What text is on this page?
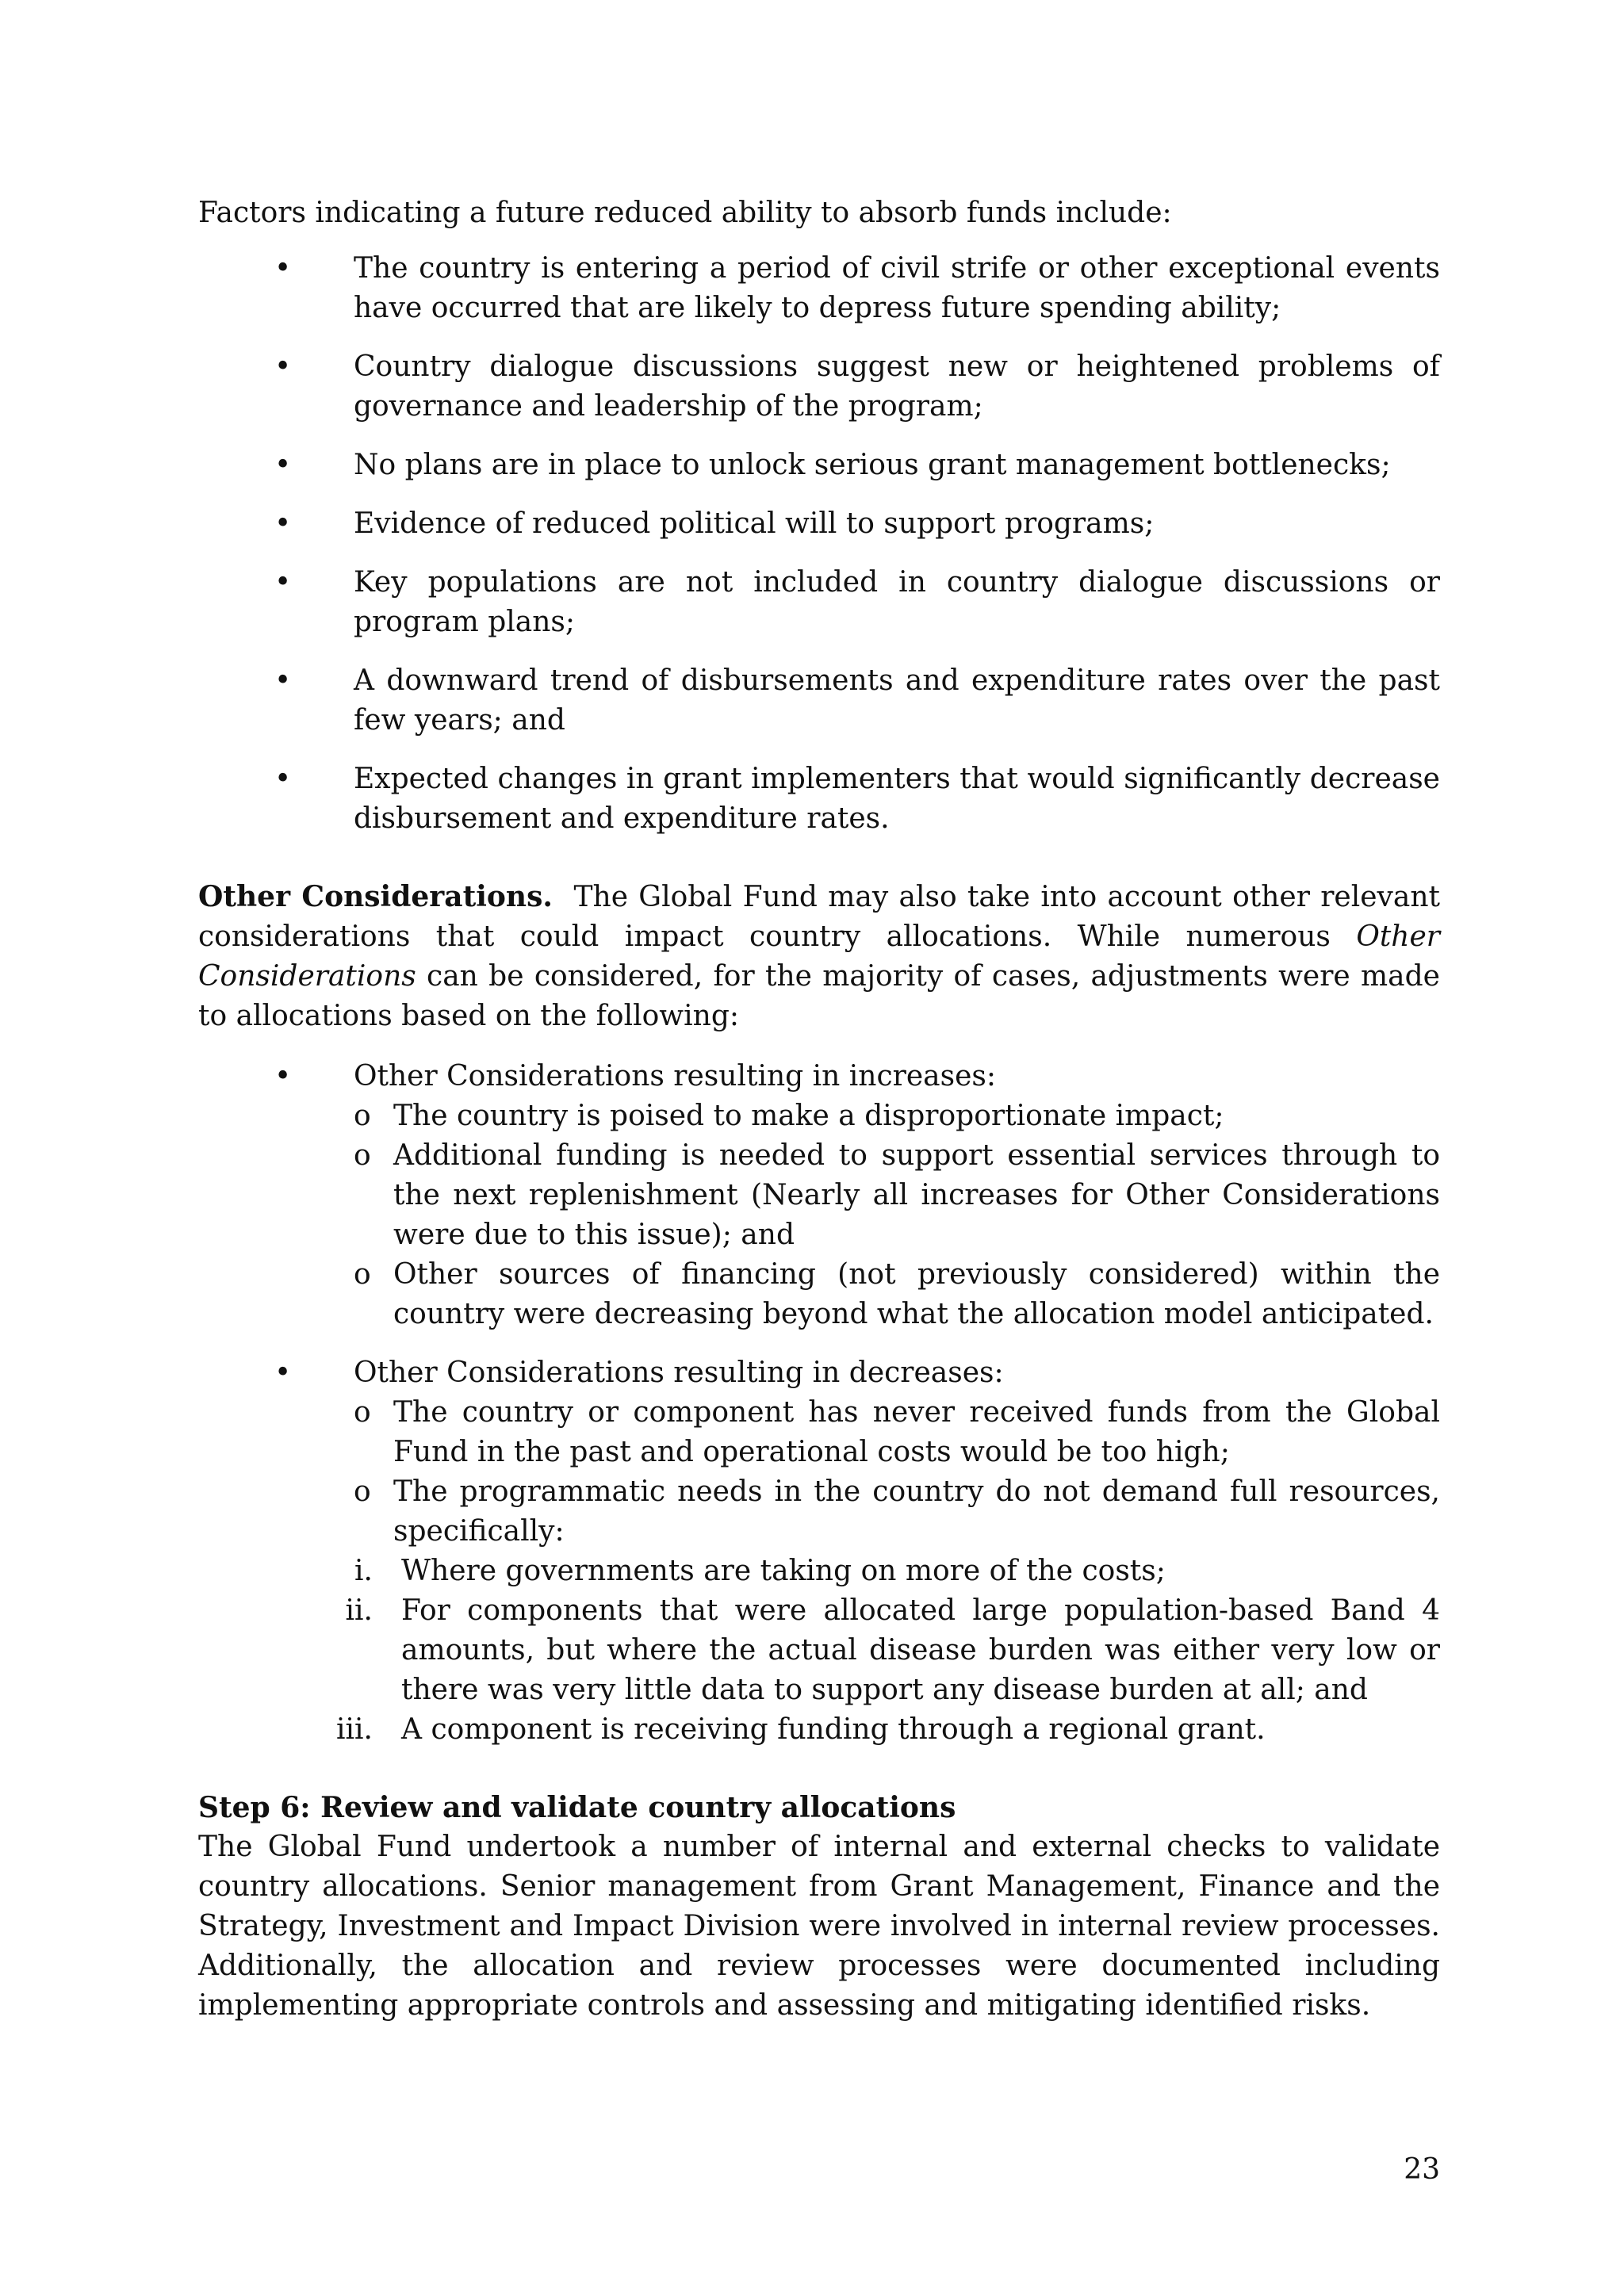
Factors indicating a future reduced ability to absorb funds include:

• The country is entering a period of civil strife or other exceptional events have occurred that are likely to depress future spending ability;
• Country dialogue discussions suggest new or heightened problems of governance and leadership of the program;
• No plans are in place to unlock serious grant management bottlenecks;
• Evidence of reduced political will to support programs;
• Key populations are not included in country dialogue discussions or program plans;
• A downward trend of disbursements and expenditure rates over the past few years; and
• Expected changes in grant implementers that would significantly decrease disbursement and expenditure rates.

Other Considerations. The Global Fund may also take into account other relevant considerations that could impact country allocations. While numerous Other Considerations can be considered, for the majority of cases, adjustments were made to allocations based on the following:

• Other Considerations resulting in increases:
o The country is poised to make a disproportionate impact;
o Additional funding is needed to support essential services through to the next replenishment (Nearly all increases for Other Considerations were due to this issue); and
o Other sources of financing (not previously considered) within the country were decreasing beyond what the allocation model anticipated.
• Other Considerations resulting in decreases:
o The country or component has never received funds from the Global Fund in the past and operational costs would be too high;
o The programmatic needs in the country do not demand full resources, specifically:
i. Where governments are taking on more of the costs;
ii. For components that were allocated large population-based Band 4 amounts, but where the actual disease burden was either very low or there was very little data to support any disease burden at all; and
iii. A component is receiving funding through a regional grant.

Step 6: Review and validate country allocations

The Global Fund undertook a number of internal and external checks to validate country allocations. Senior management from Grant Management, Finance and the Strategy, Investment and Impact Division were involved in internal review processes. Additionally, the allocation and review processes were documented including implementing appropriate controls and assessing and mitigating identified risks.

23
